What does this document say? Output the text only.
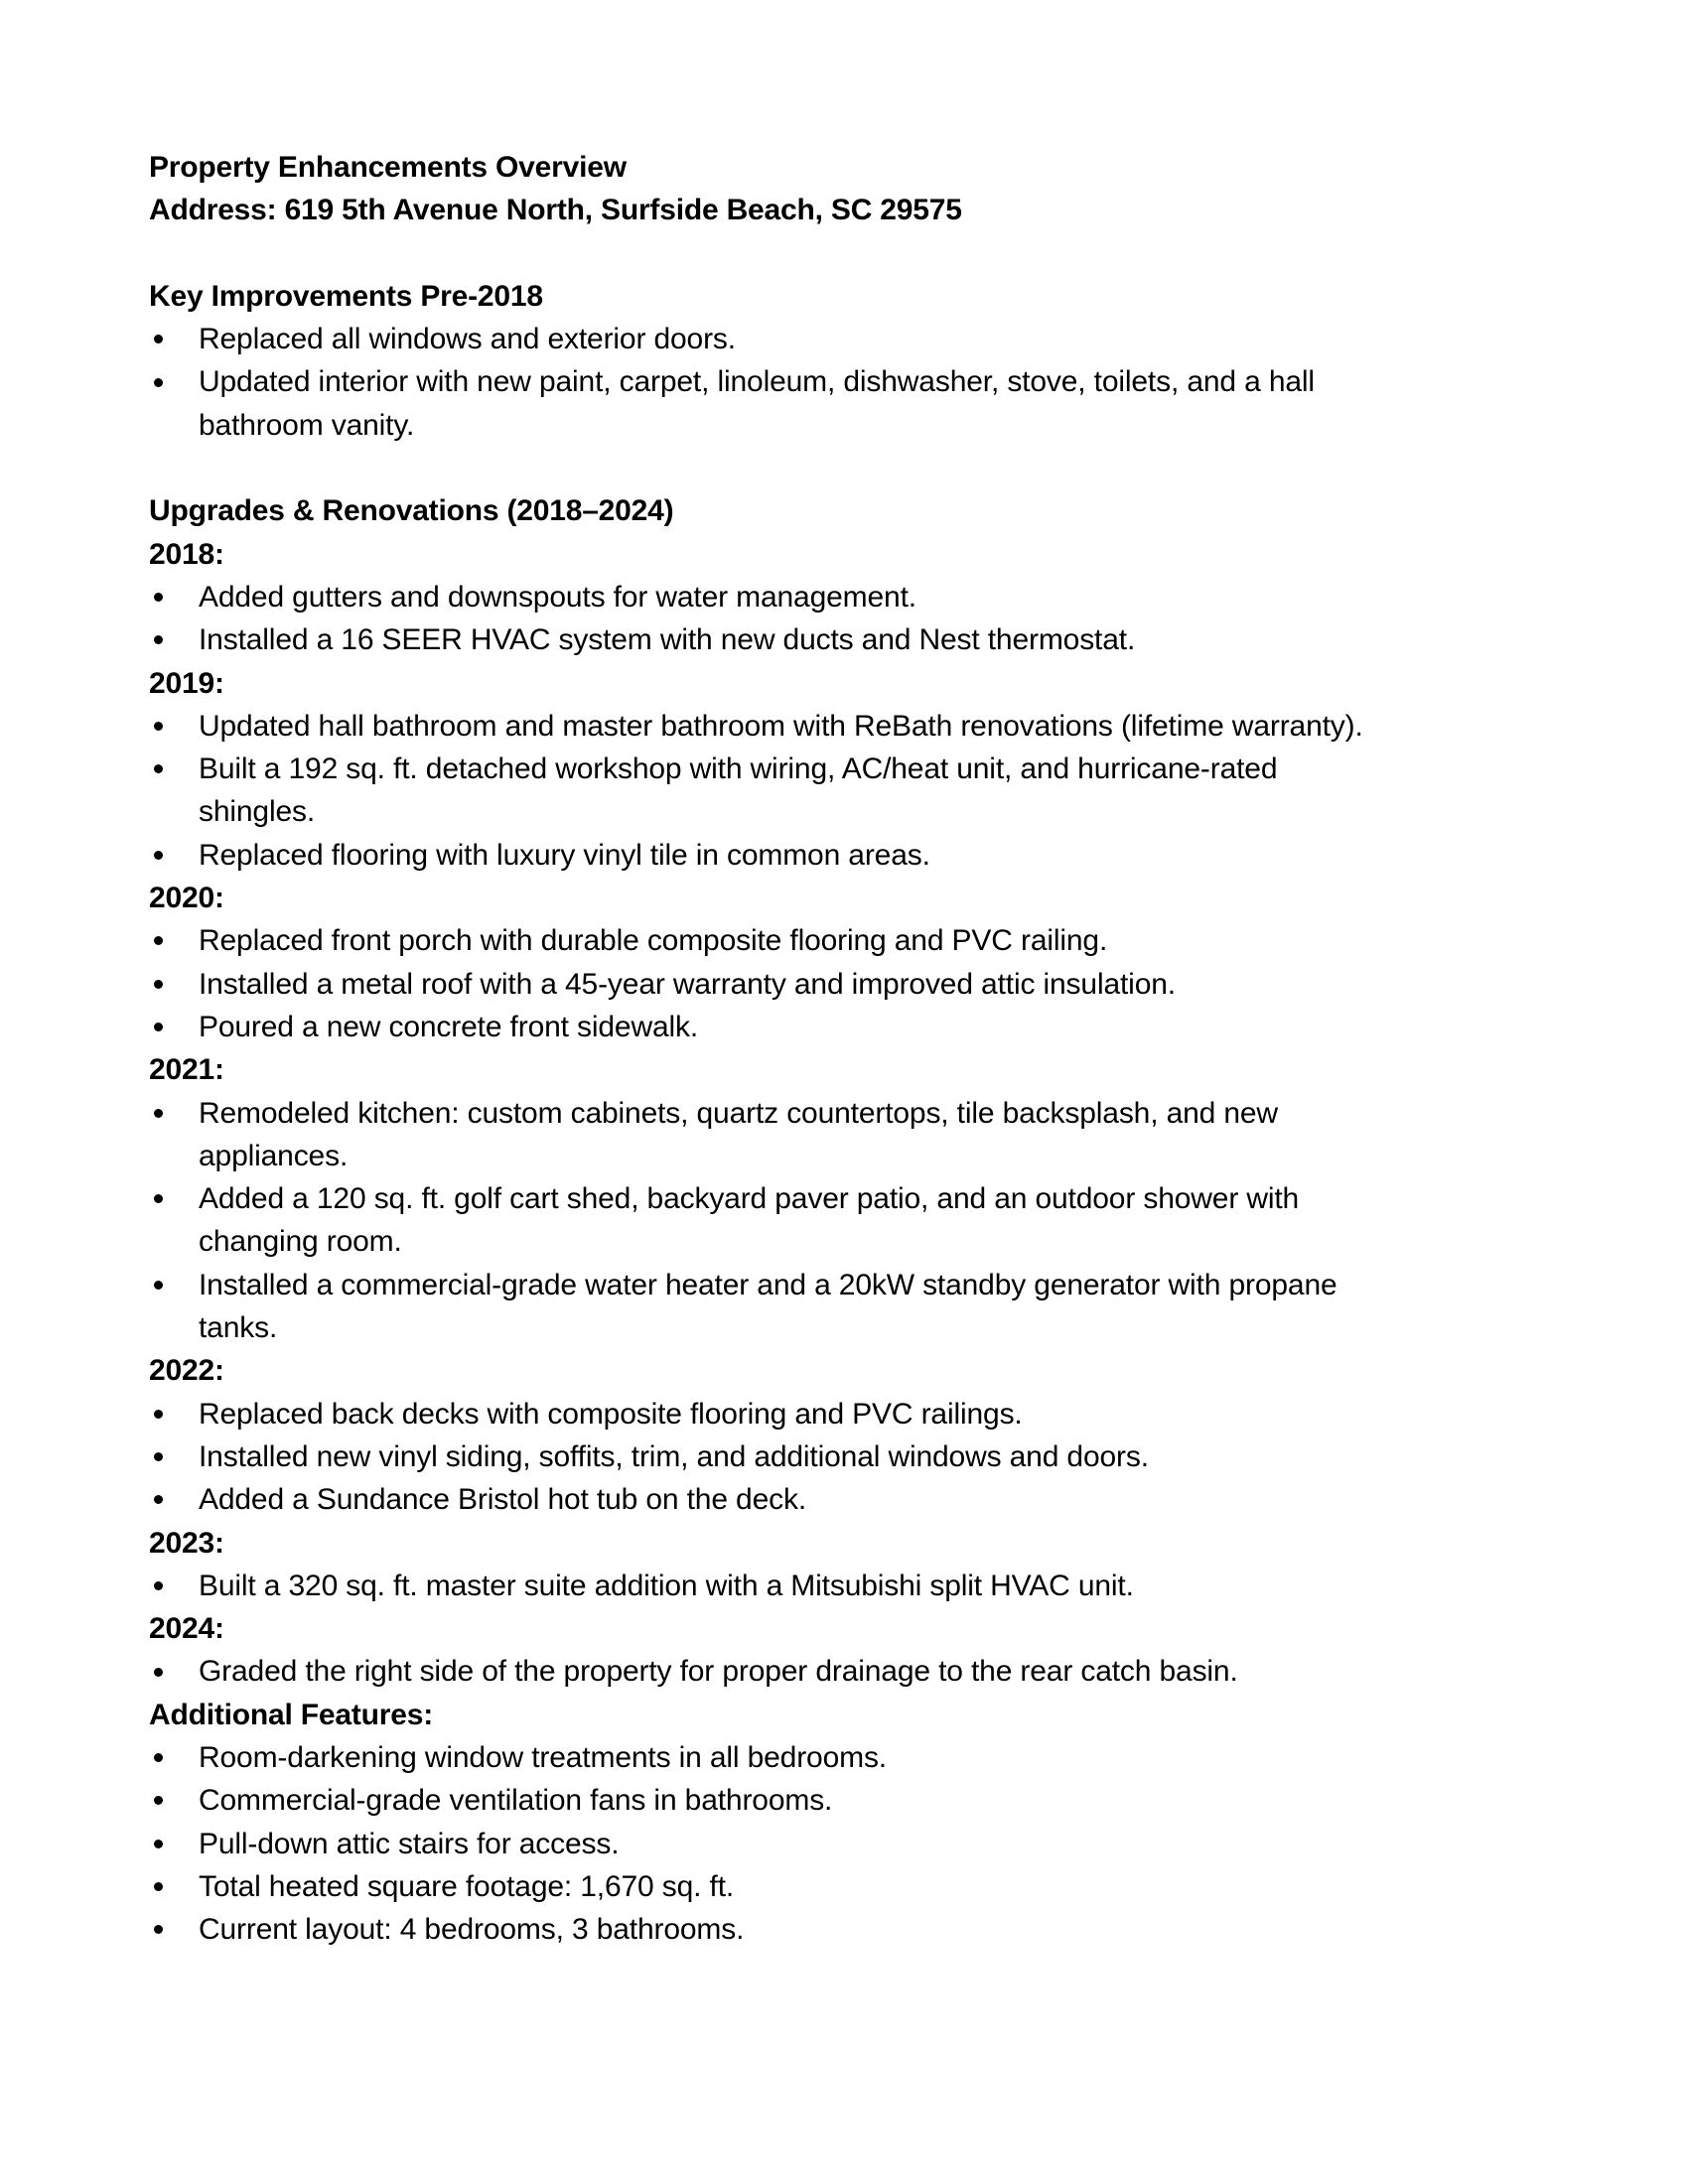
Property Enhancements Overview
Address: 619 5th Avenue North, Surfside Beach, SC 29575
Key Improvements Pre-2018
Replaced all windows and exterior doors.
Updated interior with new paint, carpet, linoleum, dishwasher, stove, toilets, and a hall
bathroom vanity.
Upgrades & Renovations (2018–2024)
2018:
Added gutters and downspouts for water management.
Installed a 16 SEER HVAC system with new ducts and Nest thermostat.
2019:
Updated hall bathroom and master bathroom with ReBath renovations (lifetime warranty).
Built a 192 sq. ft. detached workshop with wiring, AC/heat unit, and hurricane-rated
shingles.
Replaced flooring with luxury vinyl tile in common areas.
2020:
Replaced front porch with durable composite flooring and PVC railing.
Installed a metal roof with a 45-year warranty and improved attic insulation.
Poured a new concrete front sidewalk.
2021:
Remodeled kitchen: custom cabinets, quartz countertops, tile backsplash, and new
appliances.
Added a 120 sq. ft. golf cart shed, backyard paver patio, and an outdoor shower with
changing room.
Installed a commercial-grade water heater and a 20kW standby generator with propane
tanks.
2022:
Replaced back decks with composite flooring and PVC railings.
Installed new vinyl siding, soffits, trim, and additional windows and doors.
Added a Sundance Bristol hot tub on the deck.
2023:
Built a 320 sq. ft. master suite addition with a Mitsubishi split HVAC unit.
2024:
Graded the right side of the property for proper drainage to the rear catch basin.
Additional Features:
Room-darkening window treatments in all bedrooms.
Commercial-grade ventilation fans in bathrooms.
Pull-down attic stairs for access.
Total heated square footage: 1,670 sq. ft.
Current layout: 4 bedrooms, 3 bathrooms.
